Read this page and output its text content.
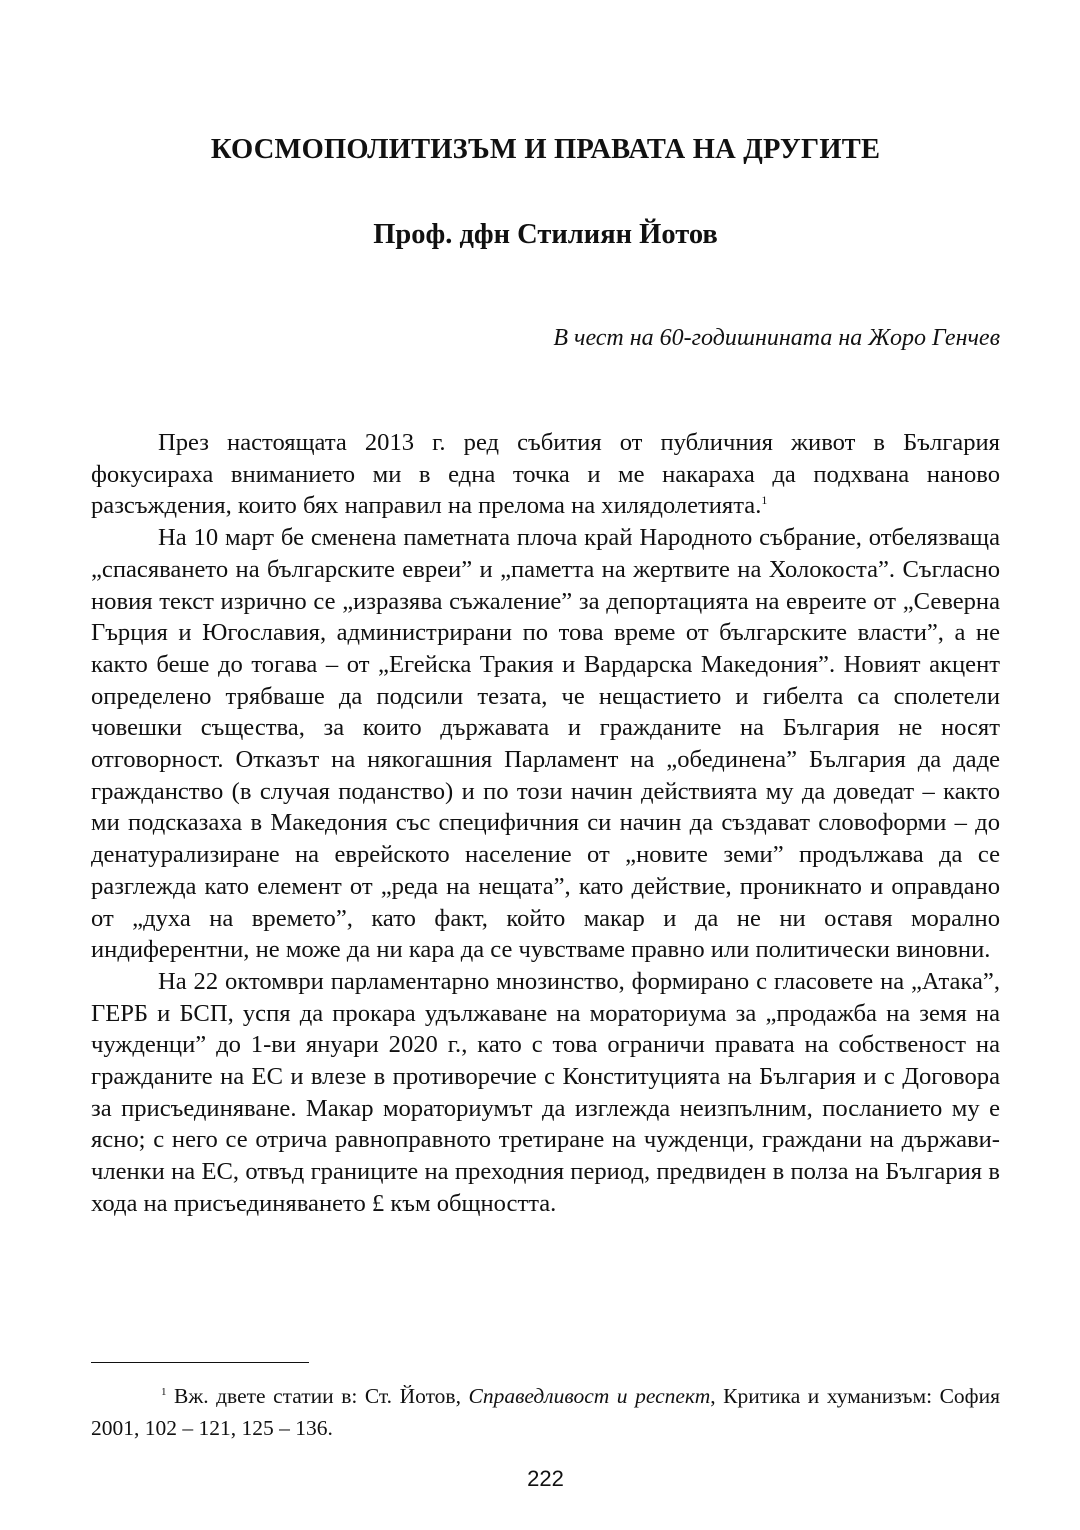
КОСМОПОЛИТИЗЪМ И ПРАВАТА НА ДРУГИТЕ
Проф. дфн Стилиян Йотов

В чест на 60-годишнината на Жоро Генчев

През настоящата 2013 г. ред събития от публичния живот в България фокусираха вниманието ми в една точка и ме накараха да подхвана наново разсъждения, които бях направил на прелома на хилядолетията.$^1$

На 10 март бе сменена паметната плоча край Народното събрание, отбелязваща „спасяването на българските евреи” и „паметта на жертвите на Холокоста”. Съгласно новия текст изрично се „изразява съжаление” за депортацията на евреите от „Северна Гърция и Югославия, администрирани по това време от българските власти”, а не както беше до тогава – от „Егейска Тракия и Вардарска Македония”. Новият акцент определено трябваше да подсили тезата, че нещастието и гибелта са сполетели човешки същества, за които държавата и гражданите на България не носят отговорност. Отказът на някогашния Парламент на „обединена” България да даде гражданство (в случая поданство) и по този начин действията му да доведат – както ми подсказаха в Македония със специфичния си начин да създават словоформи – до денатурализиране на еврейското население от „новите земи” продължава да се разглежда като елемент от „реда на нещата”, като действие, проникнато и оправдано от „духа на времето”, като факт, който макар и да не ни оставя морално индиферентни, не може да ни кара да се чувстваме правно или политически виновни.

На 22 октомври парламентарно мнозинство, формирано с гласовете на „Атака”, ГЕРБ и БСП, успя да прокара удължаване на мораториума за „продажба на земя на чужденци” до 1-ви януари 2020 г., като с това ограничи правата на собственост на гражданите на ЕС и влезе в противоречие с Конституцията на България и с Договора за присъединяване. Макар мораториумът да изглежда неизпълним, посланието му е ясно; с него се отрича равноправното третиране на чужденци, граждани на държави-членки на ЕС, отвъд границите на преходния период, предвиден в полза на България в хода на присъединяването £ към общността.

$^1$ Вж. двете статии в: Ст. Йотов, Справедливост и респект, Критика и хуманизъм: София 2001, 102 – 121, 125 – 136.

222
